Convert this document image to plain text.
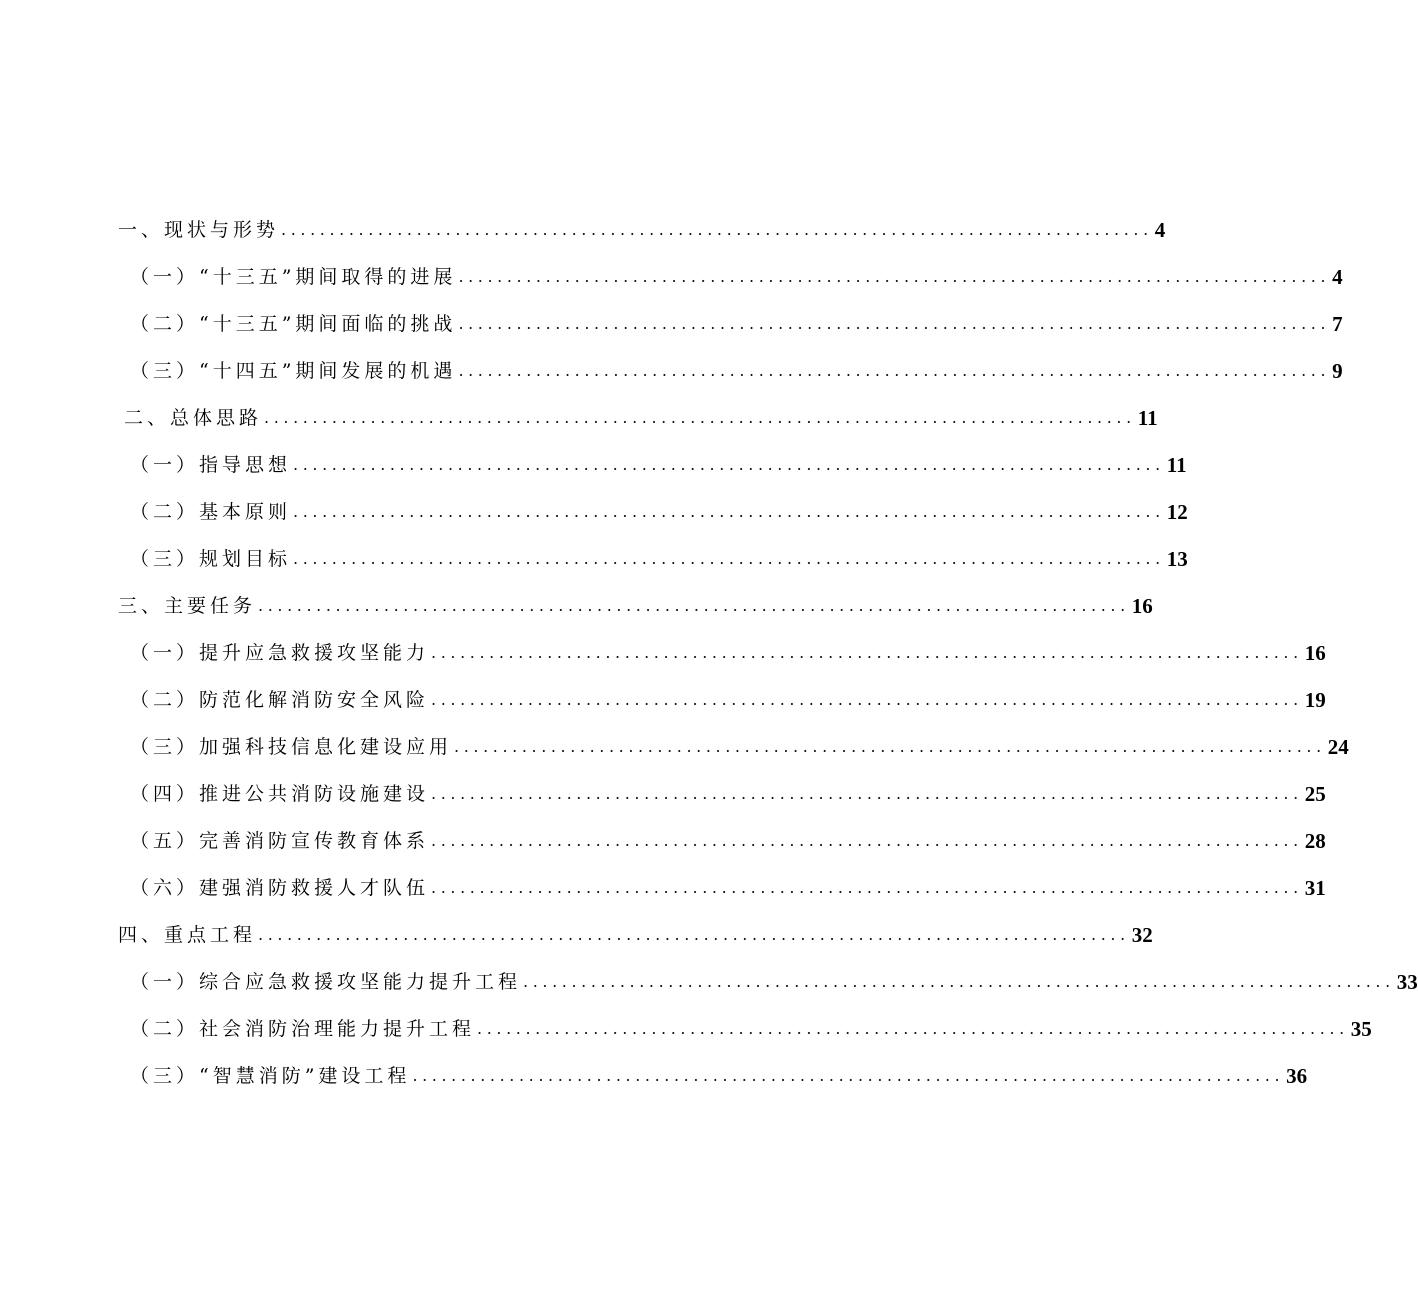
一、现状与形势 .......................................................................................... 4
（一）“十三五”期间取得的进展 .......................................................................................... 4
（二）“十三五”期间面临的挑战 .......................................................................................... 7
（三）“十四五”期间发展的机遇 .......................................................................................... 9
二、总体思路 .......................................................................................... 11
（一）指导思想 .......................................................................................... 11
（二）基本原则 .......................................................................................... 12
（三）规划目标 .......................................................................................... 13
三、主要任务 .......................................................................................... 16
（一）提升应急救援攻坚能力 .......................................................................................... 16
（二）防范化解消防安全风险 .......................................................................................... 19
（三）加强科技信息化建设应用 .......................................................................................... 24
（四）推进公共消防设施建设 .......................................................................................... 25
（五）完善消防宣传教育体系 .......................................................................................... 28
（六）建强消防救援人才队伍 .......................................................................................... 31
四、重点工程 .......................................................................................... 32
（一）综合应急救援攻坚能力提升工程 .......................................................................................... 33
（二）社会消防治理能力提升工程 .......................................................................................... 35
（三）“智慧消防”建设工程 .......................................................................................... 36
